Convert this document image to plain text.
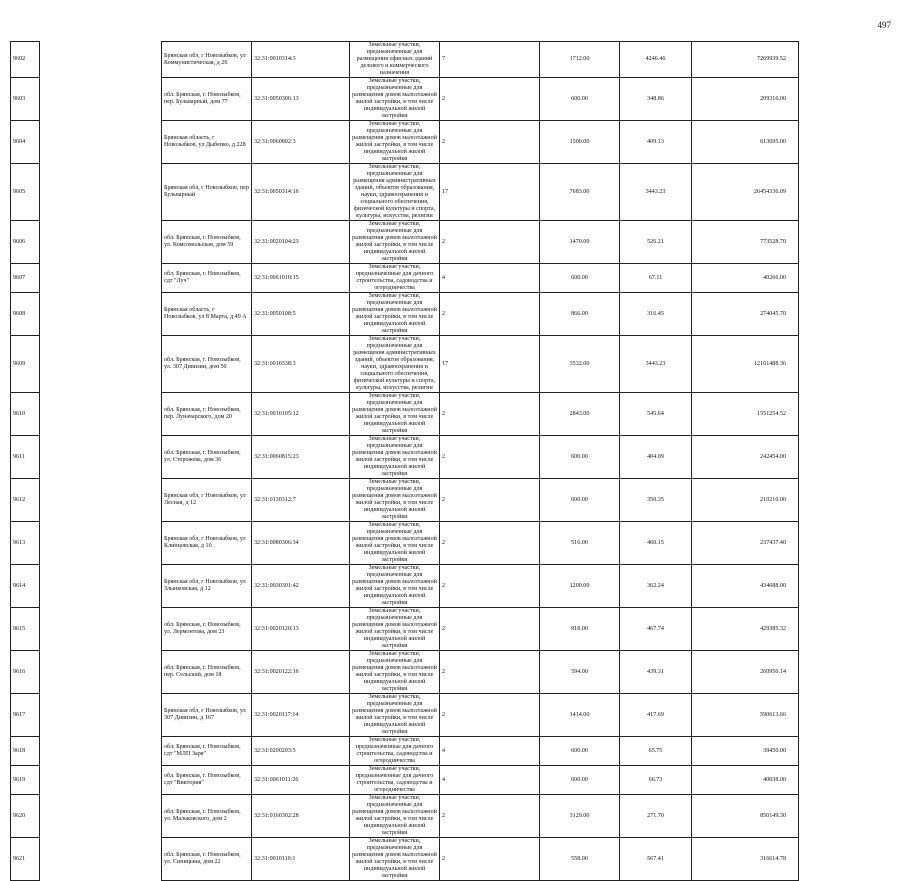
497
9602		Брянская обл, г Новозыбков, ул Коммунистическая, д 20	32:31:0010314:3	Земельные участки, предназначенные для размещения офисных зданий делового и коммерческого назначения	7	1712.00	4246.46	7269939.52
9603		обл. Брянская, г. Новозыбков, пер. Бульварный, дом 77	32:31:0050306:13	Земельные участки, предназначенные для размещения домов малоэтажной жилой застройки, в том числе индивидуальной жилой застройки	2	600.00	348.86	209316.00
9604		Брянская область, г Новозыбков, ул Дыбенко, д 228	32:31:0060802:3	Земельные участки, предназначенные для размещения домов малоэтажной жилой застройки, в том числе индивидуальной жилой застройки	2	1500.00	409.13	613695.00
9605		Брянская обл, г Новозыбков, пер Бульварный	32:31:0050314:16	Земельные участки, предназначенные для размещения административных зданий, объектов образования, науки, здравоохранения и социального обеспечения, физической культуры и спорта, культуры, искусства, религии	17	7683.00	3443.23	26454336.09
9606		обл. Брянская, г. Новозыбков, ул. Комсомольская, дом 59	32:31:0020104:23	Земельные участки, предназначенные для размещения домов малоэтажной жилой застройки, в том числе индивидуальной жилой застройки	2	1470.00	526.21	773528.70
9607		обл. Брянская, г. Новозыбков, сдт "Луч"	32:31:0061010:15	Земельные участки, предназначенные для дачного строительства, садоводства и огородничества	4	600.00	67.11	40266.00
9608		Брянская область, г Новозыбков, ул 8 Марта, д 49 А	32:31:0050108:5	Земельные участки, предназначенные для размещения домов малоэтажной жилой застройки, в том числе индивидуальной жилой застройки	2	866.00	316.45	274045.70
9609		обл. Брянская, г. Новозыбков, ул. 307 Дивизии, дом 50	32:31:0010338:3	Земельные участки, предназначенные для размещения административных зданий, объектов образования, науки, здравоохранения и социального обеспечения, физической культуры и спорта, культуры, искусства, религии	17	3532.00	3443.23	12161488.36
9610		обл. Брянская, г. Новозыбков, пер. Луначарского, дом 20	32:31:0010105:12	Земельные участки, предназначенные для размещения домов малоэтажной жилой застройки, в том числе индивидуальной жилой застройки	2	2843.00	545.64	1551254.52
9611		обл. Брянская, г. Новозыбков, ул. Сторожева, дом 36	32:31:0060815:23	Земельные участки, предназначенные для размещения домов малоэтажной жилой застройки, в том числе индивидуальной жилой застройки	2	600.00	404.09	242454.00
9612		Брянская обл, г Новозыбков, ул Лесная, д 12	32:31:0130312:7	Земельные участки, предназначенные для размещения домов малоэтажной жилой застройки, в том числе индивидуальной жилой застройки	2	600.00	350.35	210210.00
9613		Брянская обл, г Новозыбков, ул Клинцовская, д 10	32:31:0080306:34	Земельные участки, предназначенные для размещения домов малоэтажной жилой застройки, в том числе индивидуальной жилой застройки	2	516.00	460.15	237437.40
9614		Брянская обл, г Новозыбков, ул Злынковская, д 12	32:31:0030301:42	Земельные участки, предназначенные для размещения домов малоэтажной жилой застройки, в том числе индивидуальной жилой застройки	2	1200.00	362.24	434688.00
9615		обл. Брянская, г. Новозыбков, ул. Лермонтова, дом 23	32:31:0020120:13	Земельные участки, предназначенные для размещения домов малоэтажной жилой застройки, в том числе индивидуальной жилой застройки	2	918.00	467.74	429385.32
9616		обл. Брянская, г. Новозыбков, пер. Сельский, дом 18	32:31:0020122:16	Земельные участки, предназначенные для размещения домов малоэтажной жилой застройки, в том числе индивидуальной жилой застройки	2	594.00	439.31	260950.14
9617		Брянская обл, г Новозыбков, ул 307 Дивизии, д 167	32:31:0020117:14	Земельные участки, предназначенные для размещения домов малоэтажной жилой застройки, в том числе индивидуальной жилой застройки	2	1414.00	417.69	590613.66
9618		обл. Брянская, г. Новозыбков, сдт "МЛП Заря"	32:31:0200203:5	Земельные участки, предназначенные для дачного строительства, садоводства и огородничества	4	600.00	65.75	39450.00
9619		обл. Брянская, г. Новозыбков, сдт "Виктория"	32:31:0061011:26	Земельные участки, предназначенные для дачного строительства, садоводства и огородничества	4	600.00	66.73	40038.00
9620		обл. Брянская, г. Новозыбков, ул. Мальковского, дом 2	32:31:0160302:28	Земельные участки, предназначенные для размещения домов малоэтажной жилой застройки, в том числе индивидуальной жилой застройки	2	3129.00	271.70	850149.30
9621		обл. Брянская, г. Новозыбков, ул. Синицына, дом 22	32:31:0010110:1	Земельные участки, предназначенные для размещения домов малоэтажной жилой застройки, в том числе индивидуальной жилой застройки	2	558.00	567.41	316614.78
